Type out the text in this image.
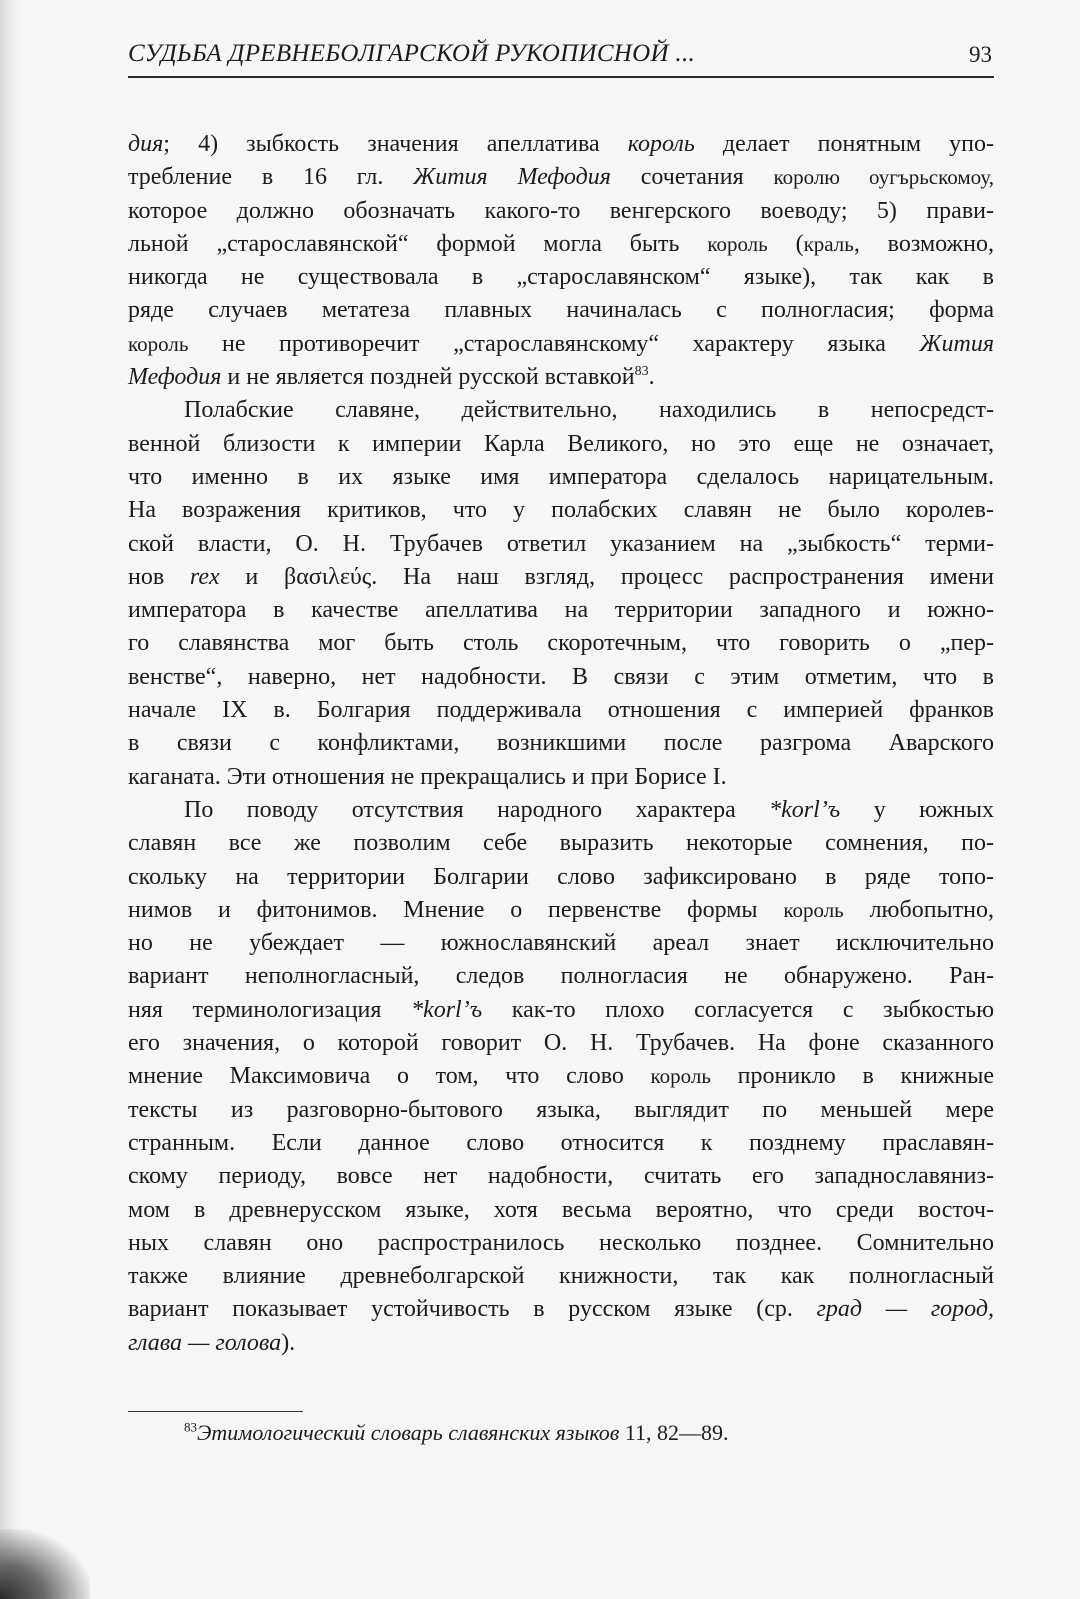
СУДЬБА ДРЕВНЕБОЛГАРСКОЙ РУКОПИСНОЙ ...	93
дия; 4) зыбкость значения апеллатива король делает понятным упо-
требление в 16 гл. Жития Мефодия сочетания королю оугърьскомоу,
которое должно обозначать какого-то венгерского воеводу; 5) прави-
льной „старославянской“ формой могла быть король (краль, возможно,
никогда не существовала в „старославянском“ языке), так как в
ряде случаев метатеза плавных начиналась с полногласия; форма
король не противоречит „старославянскому“ характеру языка Жития
Мефодия и не является поздней русской вставкой$^{83}$.
Полабские славяне, действительно, находились в непосредст-
венной близости к империи Карла Великого, но это еще не означает,
что именно в их языке имя императора сделалось нарицательным.
На возражения критиков, что у полабских славян не было королев-
ской власти, О. Н. Трубачев ответил указанием на „зыбкость“ терми-
нов rex и βασιλεύς. На наш взгляд, процесс распространения имени
императора в качестве апеллатива на территории западного и южно-
го славянства мог быть столь скоротечным, что говорить о „пер-
венстве“, наверно, нет надобности. В связи с этим отметим, что в
начале IX в. Болгария поддерживала отношения с империей франков
в связи с конфликтами, возникшими после разгрома Аварского
каганата. Эти отношения не прекращались и при Борисе I.
По поводу отсутствия народного характера *korl’ъ у южных
славян все же позволим себе выразить некоторые сомнения, по-
скольку на территории Болгарии слово зафиксировано в ряде топо-
нимов и фитонимов. Мнение о первенстве формы король любопытно,
но не убеждает — южнославянский ареал знает исключительно
вариант неполногласный, следов полногласия не обнаружено. Ран-
няя терминологизация *korl’ъ как-то плохо согласуется с зыбкостью
его значения, о которой говорит О. Н. Трубачев. На фоне сказанного
мнение Максимовича о том, что слово король проникло в книжные
тексты из разговорно-бытового языка, выглядит по меньшей мере
странным. Если данное слово относится к позднему праславян-
скому периоду, вовсе нет надобности, считать его западнославяниз-
мом в древнерусском языке, хотя весьма вероятно, что среди восточ-
ных славян оно распространилось несколько позднее. Сомнительно
также влияние древнеболгарской книжности, так как полногласный
вариант показывает устойчивость в русском языке (ср. град — город,
глава — голова).
$^{83}$Этимологический словарь славянских языков 11, 82—89.
